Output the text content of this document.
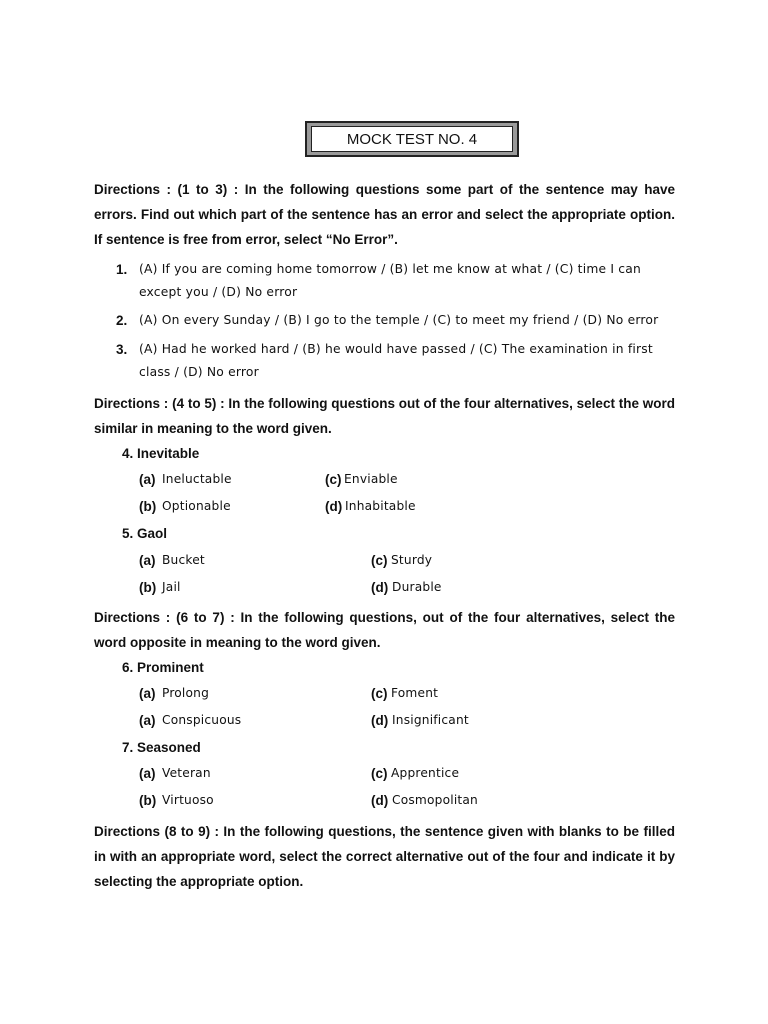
MOCK TEST NO. 4
Directions : (1 to 3) : In the following questions some part of the sentence may have errors. Find out which part of the sentence has an error and select the appropriate option. If sentence is free from error, select “No Error”.
1. (A) If you are coming home tomorrow / (B) let me know at what / (C) time I can except you / (D) No error
2. (A) On every Sunday / (B) I go to the temple / (C) to meet my friend / (D) No error
3. (A) Had he worked hard / (B) he would have passed / (C) The examination in first class / (D) No error
Directions : (4 to 5) : In the following questions out of the four alternatives, select the word similar in meaning to the word given.
4. Inevitable
(a) Ineluctable	(c) Enviable
(b) Optionable	(d) Inhabitable
5. Gaol
(a) Bucket	(c) Sturdy
(b) Jail	(d) Durable
Directions : (6 to 7) : In the following questions, out of the four alternatives, select the word opposite in meaning to the word given.
6. Prominent
(a) Prolong	(c) Foment
(a) Conspicuous	(d) Insignificant
7. Seasoned
(a) Veteran	(c) Apprentice
(b) Virtuoso	(d) Cosmopolitan
Directions (8 to 9) : In the following questions, the sentence given with blanks to be filled in with an appropriate word, select the correct alternative out of the four and indicate it by selecting the appropriate option.
